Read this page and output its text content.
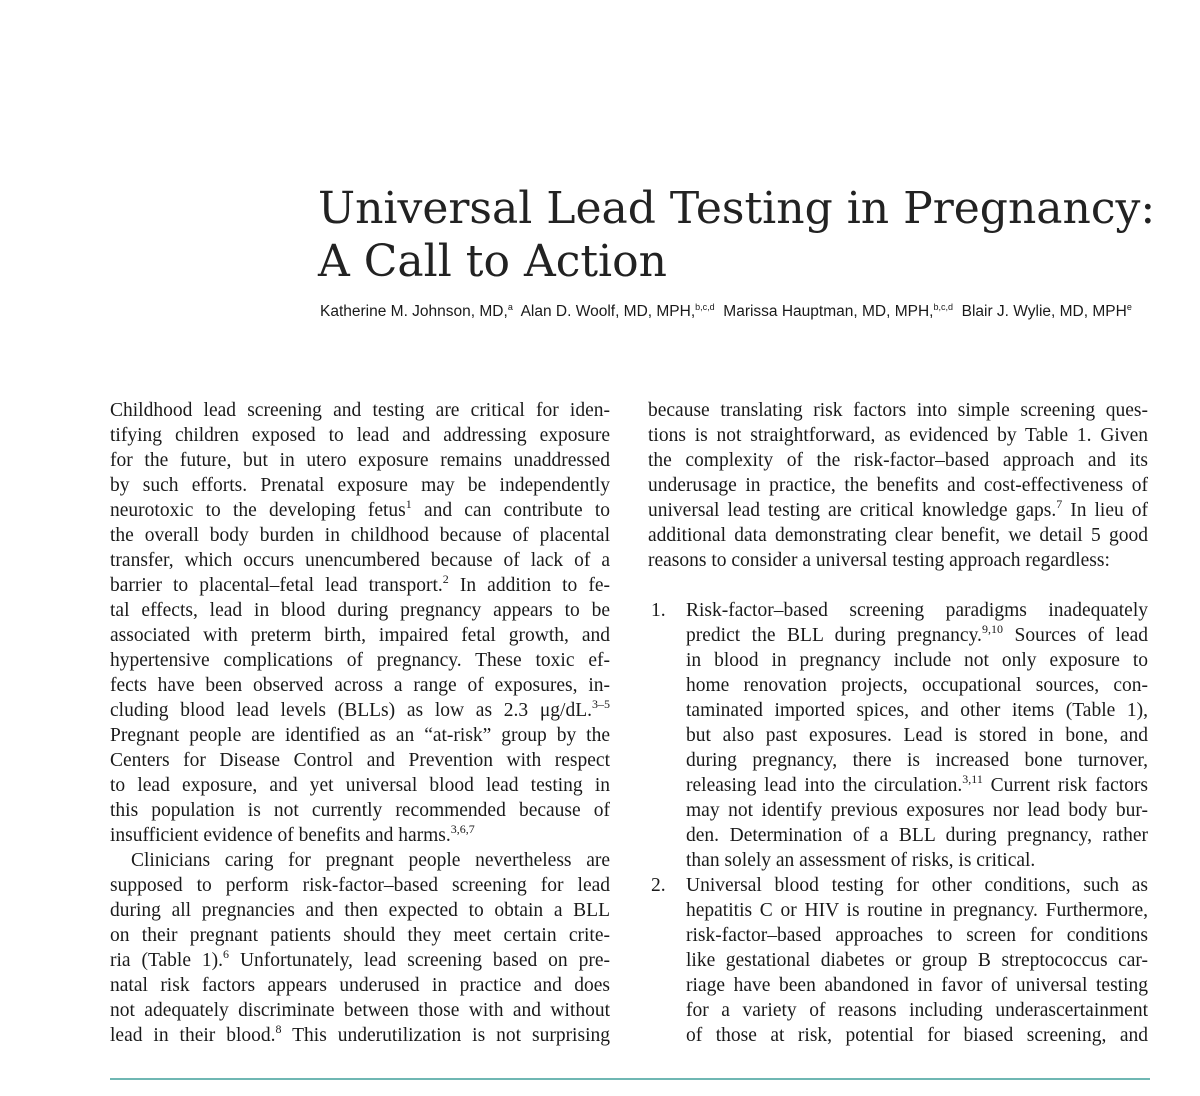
Universal Lead Testing in Pregnancy:
A Call to Action
Katherine M. Johnson, MD,$^a$ Alan D. Woolf, MD, MPH,$^{b,c,d}$ Marissa Hauptman, MD, MPH,$^{b,c,d}$ Blair J. Wylie, MD, MPH$^e$
Childhood lead screening and testing are critical for iden-
tifying children exposed to lead and addressing exposure
for the future, but in utero exposure remains unaddressed
by such efforts. Prenatal exposure may be independently
neurotoxic to the developing fetus$^1$ and can contribute to
the overall body burden in childhood because of placental
transfer, which occurs unencumbered because of lack of a
barrier to placental–fetal lead transport.$^2$ In addition to fe-
tal effects, lead in blood during pregnancy appears to be
associated with preterm birth, impaired fetal growth, and
hypertensive complications of pregnancy. These toxic ef-
fects have been observed across a range of exposures, in-
cluding blood lead levels (BLLs) as low as 2.3 μg/dL.$^{3-5}$
Pregnant people are identified as an “at-risk” group by the
Centers for Disease Control and Prevention with respect
to lead exposure, and yet universal blood lead testing in
this population is not currently recommended because of
insufficient evidence of benefits and harms.$^{3,6,7}$
Clinicians caring for pregnant people nevertheless are
supposed to perform risk-factor–based screening for lead
during all pregnancies and then expected to obtain a BLL
on their pregnant patients should they meet certain crite-
ria (Table 1).$^6$ Unfortunately, lead screening based on pre-
natal risk factors appears underused in practice and does
not adequately discriminate between those with and without
lead in their blood.$^8$ This underutilization is not surprising
because translating risk factors into simple screening ques-
tions is not straightforward, as evidenced by Table 1. Given
the complexity of the risk-factor–based approach and its
underusage in practice, the benefits and cost-effectiveness of
universal lead testing are critical knowledge gaps.$^7$ In lieu of
additional data demonstrating clear benefit, we detail 5 good
reasons to consider a universal testing approach regardless:
1. Risk-factor–based screening paradigms inadequately
predict the BLL during pregnancy.$^{9,10}$ Sources of lead
in blood in pregnancy include not only exposure to
home renovation projects, occupational sources, con-
taminated imported spices, and other items (Table 1),
but also past exposures. Lead is stored in bone, and
during pregnancy, there is increased bone turnover,
releasing lead into the circulation.$^{3,11}$ Current risk factors
may not identify previous exposures nor lead body bur-
den. Determination of a BLL during pregnancy, rather
than solely an assessment of risks, is critical.
2. Universal blood testing for other conditions, such as
hepatitis C or HIV is routine in pregnancy. Furthermore,
risk-factor–based approaches to screen for conditions
like gestational diabetes or group B streptococcus car-
riage have been abandoned in favor of universal testing
for a variety of reasons including underascertainment
of those at risk, potential for biased screening, and
